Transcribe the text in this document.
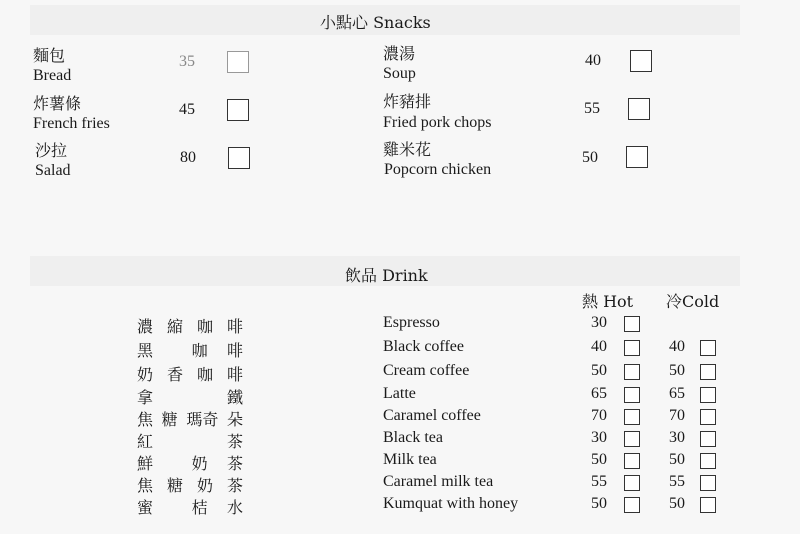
小點心 Snacks
麵包
Bread
35
炸薯條
French fries
45
沙拉
Salad
80
濃湯
Soup
40
炸豬排
Fried pork chops
55
雞米花
Popcorn chicken
50
飲品 Drink
熱 Hot 冷Cold
濃 縮 咖 啡	Espresso	30
黑 咖 啡	Black coffee	40	40
奶 香 咖 啡	Cream coffee	50	50
拿	鐵	Latte	65	65
焦 糖 瑪奇 朵	Caramel coffee	70	70
紅	茶	Black tea	30	30
鮮 奶 茶	Milk tea	50	50
焦 糖 奶 茶	Caramel milk tea	55	55
蜜 桔 水	Kumquat with honey	50	50
